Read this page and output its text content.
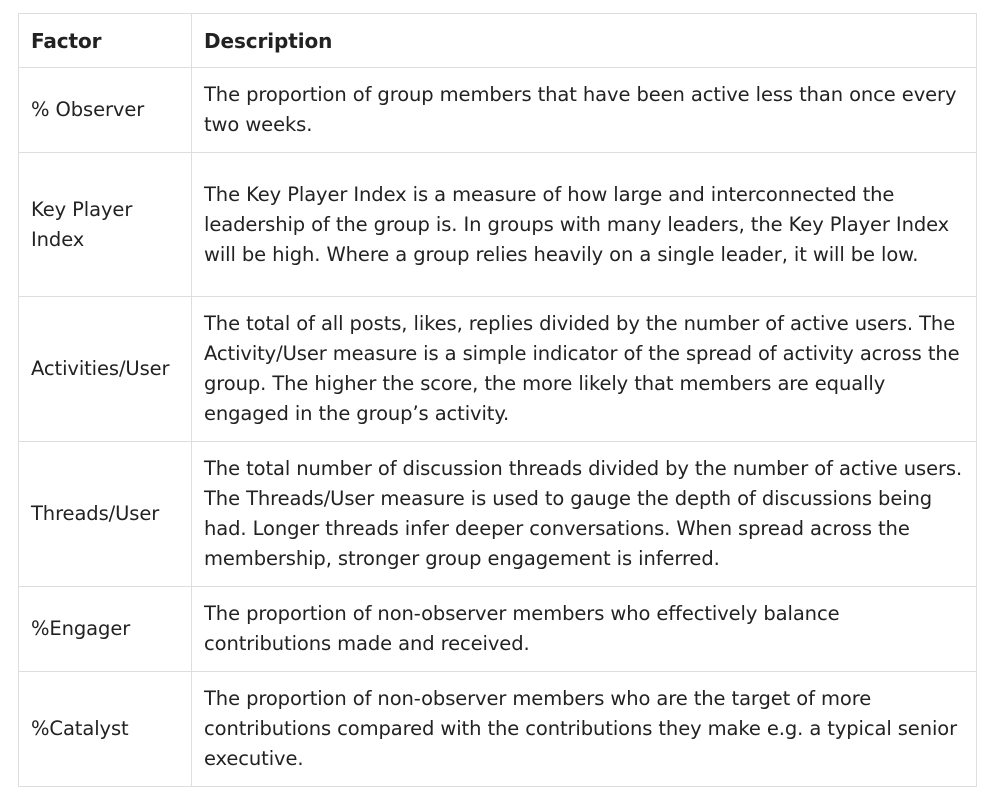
Factor	Description
% Observer	The proportion of group members that have been active less than once every two weeks.
Key Player Index	The Key Player Index is a measure of how large and interconnected the leadership of the group is. In groups with many leaders, the Key Player Index will be high. Where a group relies heavily on a single leader, it will be low.
Activities/User	The total of all posts, likes, replies divided by the number of active users. The Activity/User measure is a simple indicator of the spread of activity across the group. The higher the score, the more likely that members are equally engaged in the group’s activity.
Threads/User	The total number of discussion threads divided by the number of active users. The Threads/User measure is used to gauge the depth of discussions being had. Longer threads infer deeper conversations. When spread across the membership, stronger group engagement is inferred.
%Engager	The proportion of non-observer members who effectively balance contributions made and received.
%Catalyst	The proportion of non-observer members who are the target of more contributions compared with the contributions they make e.g. a typical senior executive.
